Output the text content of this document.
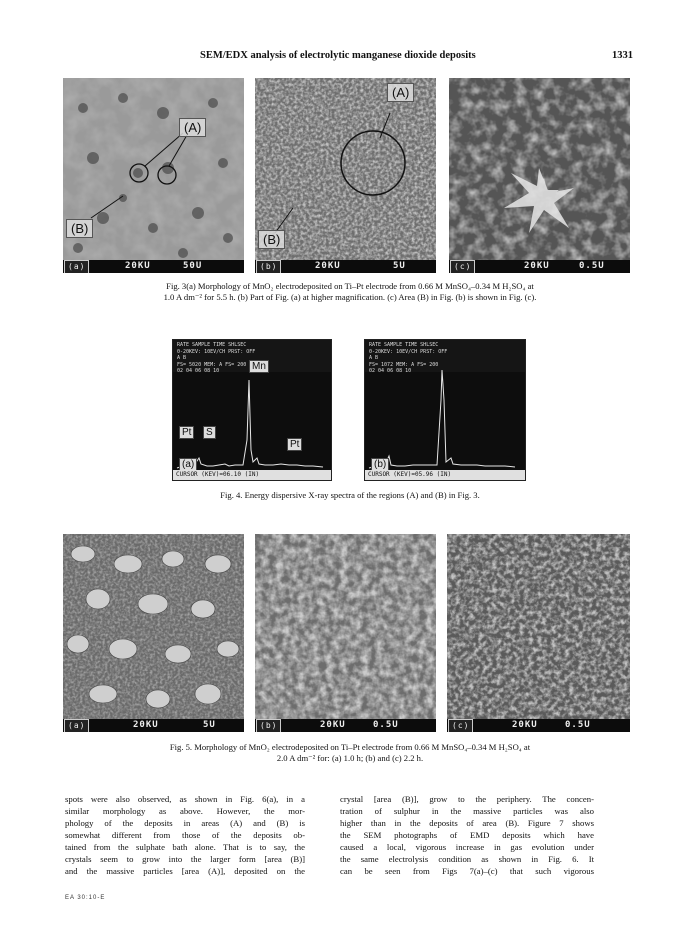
SEM/EDX analysis of electrolytic manganese dioxide deposits	1331
(A)
(B)
(a)	20KU	50U
(A)
(B)
(b)	20KU	5U	(c)	20KU	0.5U
Fig. 3(a) Morphology of MnO₂ electrodeposited on Ti–Pt electrode from 0.66 M MnSO₄–0.34 M H₂SO₄ at
1.0 A dm⁻² for 5.5 h. (b) Part of Fig. (a) at higher magnification. (c) Area (B) in Fig. (b) is shown in Fig. (c).
RATE SAMPLE TIME SHLSEC
0-20KEV: 10EV/CH PRST: OFF
A B
FS= 5020 MEM: A FS= 200
02 04 06 08 10	Mn
Pt	S
Pt
(a)
CURSOR (KEV)=06.10 (IN)
RATE SAMPLE TIME SHLSEC
0-20KEV: 10EV/CH PRST: OFF
A B
FS= 1072 MEM: A FS= 200
02 04 06 08 10
(b)
CURSOR (KEV)=05.96 (IN)
Fig. 4. Energy dispersive X-ray spectra of the regions (A) and (B) in Fig. 3.
(a)	20KU	5U	(b)	20KU	0.5U	(c)	20KU	0.5U
Fig. 5. Morphology of MnO₂ electrodeposited on Ti–Pt electrode from 0.66 M MnSO₄–0.34 M H₂SO₄ at
2.0 A dm⁻² for: (a) 1.0 h; (b) and (c) 2.2 h.

spots were also observed, as shown in Fig. 6(a), in a

similar morphology as above. However, the mor-

phology of the deposits in areas (A) and (B) is

somewhat different from those of the deposits ob-

tained from the sulphate bath alone. That is to say, the

crystals seem to grow into the larger form [area (B)]

and the massive particles [area (A)], deposited on the

crystal [area (B)], grow to the periphery. The concen-

tration of sulphur in the massive particles was also

higher than in the deposits of area (B). Figure 7 shows

the SEM photographs of EMD deposits which have

caused a local, vigorous increase in gas evolution under

the same electrolysis condition as shown in Fig. 6. It

can be seen from Figs 7(a)–(c) that such vigorous

EA 30:10-E
